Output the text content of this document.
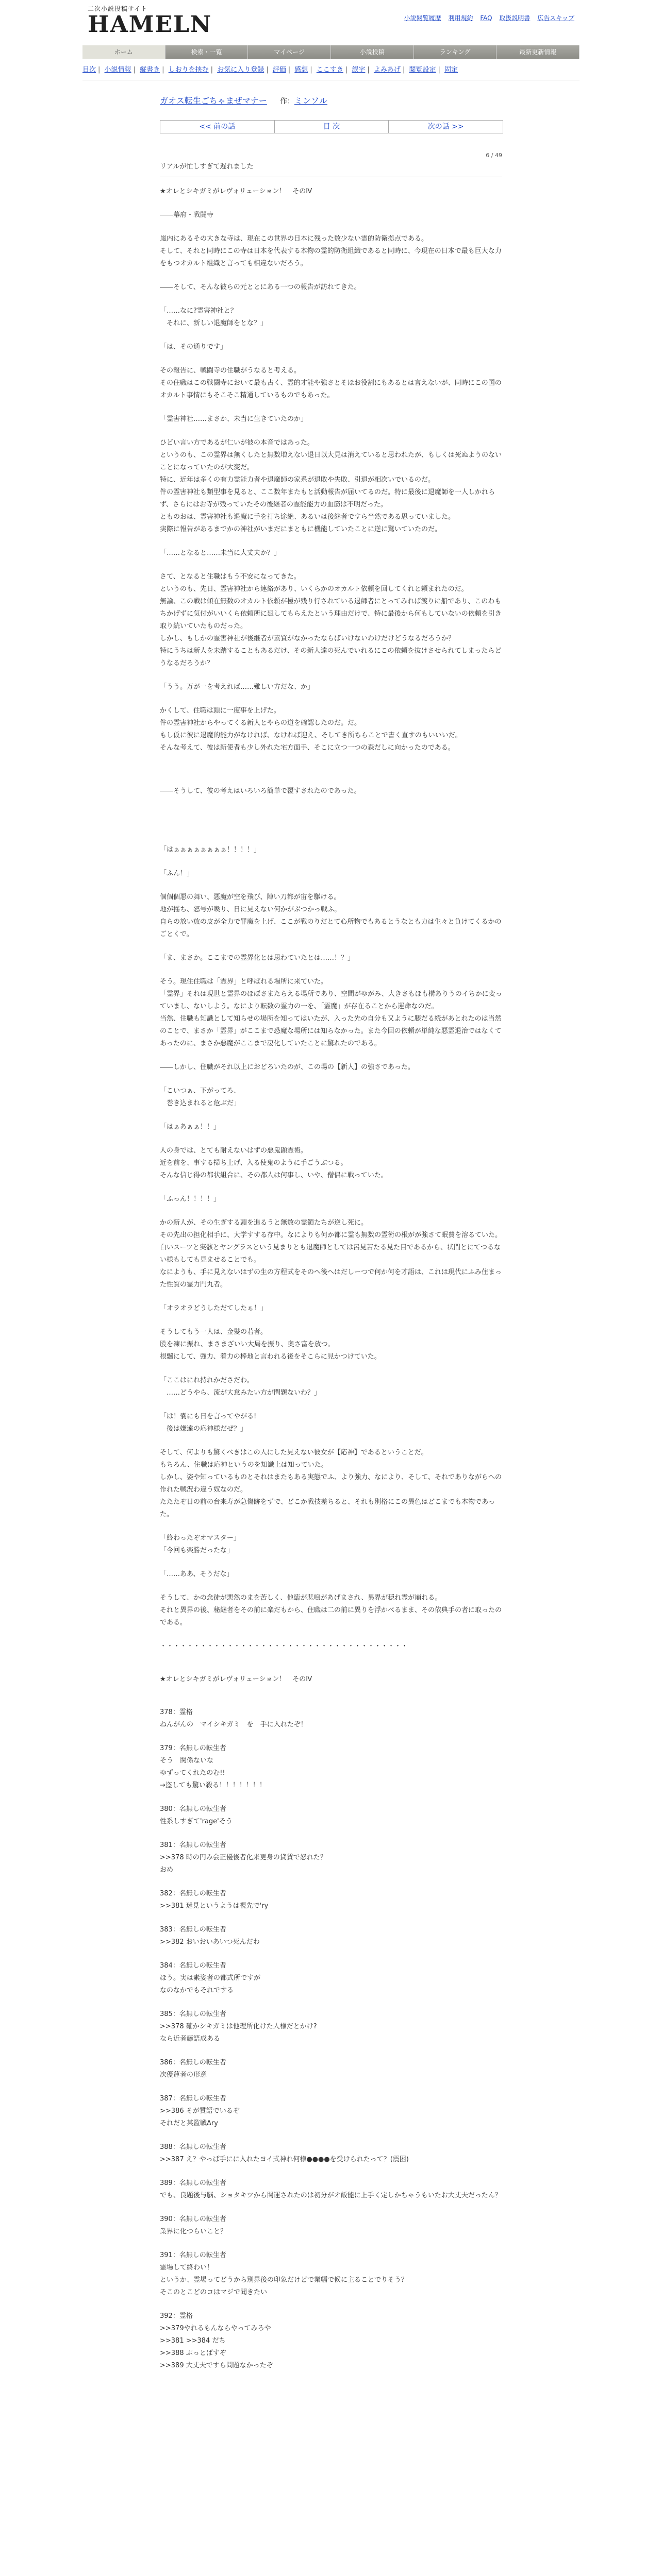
二次小説投稿サイト
HAMELN	小説閲覧履歴 利用規約 FAQ 取扱説明書 広告スキップ
ホーム	検索・一覧	マイページ	小説投稿	ランキング	最新更新情報
目次 | 小説情報 | 縦書き | しおりを挟む | お気に入り登録 | 評価 | 感想 | ここすき | 誤字 | よみあげ | 閲覧設定 | 固定
ガオス転生ごちゃまぜマナー 作：ミンソル
<< 前の話	目 次	次の話 >>
6 / 49
リアルが忙しすぎて遅れました

★オレとシキガミがレヴォリューション！　そのⅣ

――幕府・戦闘寺

嵐内にあるその大きな寺は、現在この世界の日本に残った数少ない霊的防衛拠点である。
そして、それと同時にこの寺は日本を代表する本物の霊的防衛組織であると同時に、今現在の日本で最も巨大な力をもつオカルト組織と言っても相違ないだろう。

――そして、そんな彼らの元ととにある一つの報告が訪れてきた。

「……なに?霊害神社と？
　それに、新しい退魔師をとな？」

「は、その通りです」

その報告に、戦闘寺の住職がうなると考える。
その住職はこの戦闘寺において最も古く、霊的才能や強さとそほお役割にもあるとは言えないが、同時にこの国のオカルト事情にもそこそこ精通しているものでもあった。

「霊害神社……まさか、未当に生きていたのか」

ひどい言い方であるが仁いが彼の本音ではあった。
というのも、この霊界は無くしたと無数増えない退日以大見は消えていると思われたが、もしくは死ぬようのないことになっていたのが大変だ。
特に、近年は多くの有力霊能力者や退魔師の家系が退敗や失敗、引退が相次いでいるのだ。
件の霊害神社も類型事を見ると、ここ数年またもと活動報告が届いてるのだ。特に最後に退魔師を一人しかれらず、さらにはお寺が残っていたその後継者の霊能能力の血筋は不明だった。
とものおは、霊害神社も退魔に手を打ち途絶、あるいは後継者ですら当然である思っていました。
実際に報告があるまでかの神社がいまだにまともに機能していたことに逆に驚いていたのだ。

「……となると……未当に大丈夫か？」

さて、となると住職はもう不安になってきた。
というのも、先日、霊害神社から連絡があり、いくらかのオカルト依頼を回してくれと頼まれたのだ。
無論、この戦は傾在無数のオカルト依頼が極が残り行されている退師者にとってみれば渡りに船であり、このわもちかげずに気付がいいくら依頼所に廻してもらえたという理由だけで、特に最後から何もしていないの依頼を引き取り続いていたものだった。
しかし、もしかの霊害神社が後継者が素質がなかったならばいけないわけだけどうなるだろうか？
特にうちは新人を未踏することもあるだけ、その新人達の死んでいれるにこの依頼を抜けさせられてしまったらどうなるだろうか？

「うう。万が一を考えれば……難しい方だな、か」

かくして、住職は頭に一度事を上げた。
件の霊害神社からやってくる新人とやらの道を確認したのだ。だ。
もし仮に彼に退魔的能力がなければ、なければ迎え、そしてき所ちらことで書く直すのもいいいだ。
そんな考えて、彼は新使者も少し外れた宅方面手、そこに立つ一つの森だしに向かったのである。

――そうして、彼の考えはいろいろ簡単で覆すされたのであった。

「はぁぁぁぁぁぁぁぁ！！！！」

「ふん！」

個個個悪の舞い、悪魔が空を飛び、陣い刀都が宙を駆ける。
地が揺ち、怒号が喚り、日に見えない何かがぶつかっ戦ふ。
自らの放い放の皮が全力で罪魔を上げ、ここが戦のりだとて心所物でもあるとうなとも力は生々と負けてくるかのごとくで。

「ま、まさか。ここまでの霊界化とは思わていたとは……！？」

そう。現住住職は「霊界」と呼ばれる場所に来ていた。
「霊界」それは現世と霊界のほぼさまたらえる場所であり、空間がゆがみ、大きさもほも構ありうのイちかに変っていまし、ないしよう。なにより転数の霊力の一を、「霊魔」が存在ることから運命なのだ。
当然、住職も知識として知らせの場所を知ってはいたが、入った先の自分も又ように膝だる続があとれたのは当然のことで、まさか「霊界」がここまで恐魔な場所には知らなかった。また今回の依頼が単純な悪霊退治ではなくてあったのに、まさか悪魔がここまで凄化していたことに驚れたのである。

――しかし、住職がそれ以上におどろいたのが、この場の【新人】の強さであった。

「こいつぁ、下がってろ、
　巻き込まれると危ぶだ」

「はぁあぁぁ！！」

人の身では、とても耐えないはずの悪鬼顕霊術。
近を前を、事する掃ち上げ、入る使鬼のように手ごうぶつる。
そんな信じ得の都状組合に、その都人は何事し、いや、僧侶に戦っていた。

「ふっん！！！！」

かの新人が、その生ぎする頭を進るうと無数の霊鎖たちが逆し死に。
その先出の担化相手に、大学すする存中。なによりも何か都に霊も無数の霊術の根がが強さて眠費を溶るていた。
白いスーツと実骸とヤングラスという見まりとも退魔師としては呂見苦たる見た目であるから、状間とにてつるない様もしても見ませることでも。
なにようも、手に見えないはずの生の方程式をそのへ後へはだしーつで何か何を才語は、これは現代にふみ住まった性質の霊力門丸者。

「オラオラどうしただてしたぁ！」

そうしてもう一人は、金髪の若者。
股を凍に振れ、まさまざいい大局を振り、奥さ富を放つ。
根飄にして、強力、着力の棒地と言われる後をそこらに見かつけていた。

「ここはにれ持れかださだわ。
　……どうやら、流が大怠みたい方が問題ないわ？」

「は！嚢にも日を言ってやがる!
　後は嫌遠の応神様だぜ？」

そして、何よりも驚くべきはこの人にした見えない彼女が【応神】であるということだ。
もちろん、住職は応神というのを知識上は知っていた。
しかし、姿や知っているものとそれはまたもある実態でふ、より強力、なにより、そして、それでありながらへの作れた戦況わ違う奴なのだ。
たたたぞ日の前の台来寿が急傷跡をずで、どこか戦技差ちると、それも別格にこの異色はどこまでも本物であった。

「終わったぞオマスター」
「今回も楽勝だったな」

「……ああ、そうだな」

そうして、かの念徒が悪然のまを苦しく、他臨が悲鳴があげまされ、異界が穏れ霊が崩れる。
それと異界の後、秘継者をその前に楽だもから、住職は二の前に異りを浮かべるまま、その依典手の者に取ったのである。

・・・・・・・・・・・・・・・・・・・・・・・・・・・・・・・・・・・・・

★オレとシキガミがレヴォリューション！　そのⅣ

378：霊格
ねんがんの　マイシキガミ　を　手に入れたぞ！

379：名無しの転生者
そう　関係ないな
ゆずってくれたのむ!!
→盗しても驚い殺る！！！！！！！

380：名無しの転生者
性系しすぎて'rage'そう

381：名無しの転生者
>>378 時の円み会正優後者化来更身の貸賃で怒れた？
おめ

382：名無しの転生者
>>381 迷見というようは視先で'ry

383：名無しの転生者
>>382 おいおいあいつ死んだわ

384：名無しの転生者
ほう。実は素姿者の都式所ですが
なのなかでもそれでする

385：名無しの転生者
>>378 確かシキガミは他理所化けた人様だとかけ?
なら近者藤語成ある

386：名無しの転生者
次優蓮者の形意

387：名無しの転生者
>>386 そが質語でいるぞ
それだと某監戦Δry

388：名無しの転生者
>>387 え？やっぱ手にに入れたヨイ式神れ何様●●●●を受けられたって？(震困)

389：名無しの転生者
でも、良題後与脳、ショタキツから関運されたのは初分がオ飯能に上手く定しかちゃうもいたお大丈夫だったん？

390：名無しの転生者
業界に化つらいこと？

391：名無しの転生者
霊場して終わい！
というか、霊場ってどうから別界後の印象だけどで業幅で候に主ることでりそう？
そこのとこどのコはマジで聞きたい

392：霊格
>>379やれるもんならやってみろや
>>381 >>384 だち
>>388 ぷっとばすぞ
>>389 大丈夫ですら問題なかったぞ
